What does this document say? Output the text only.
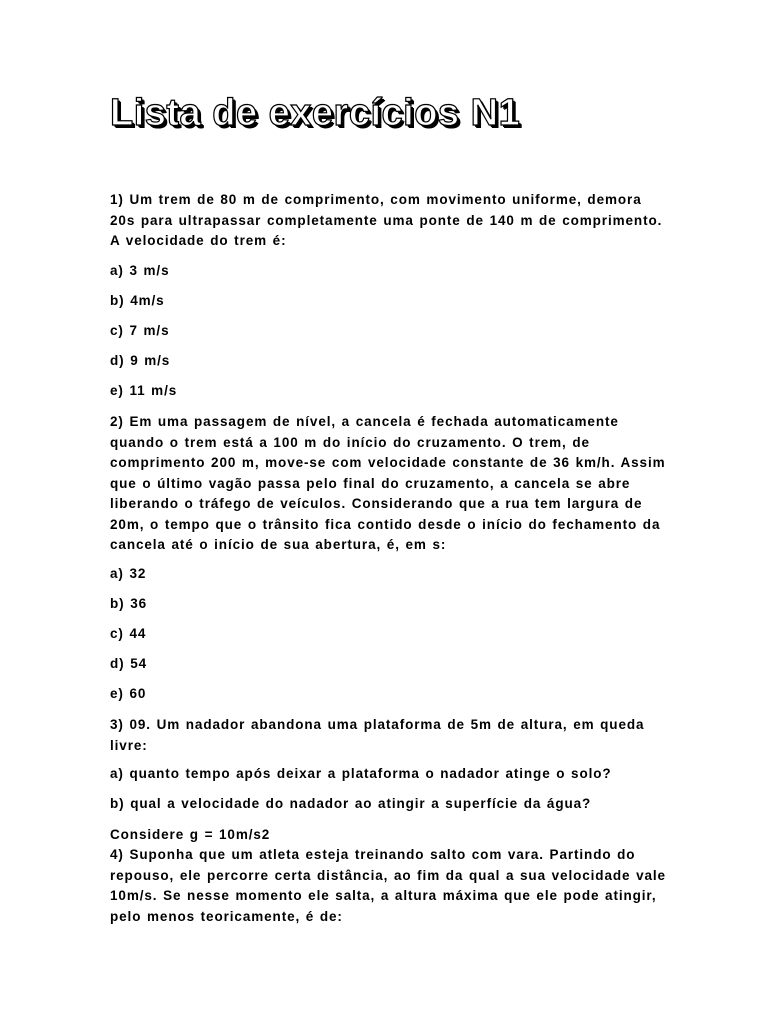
Lista de exercícios N1

1) Um trem de 80 m de comprimento, com movimento uniforme, demora 20s para ultrapassar completamente uma ponte de 140 m de comprimento. A velocidade do trem é:

a) 3 m/s
b) 4m/s
c) 7 m/s
d) 9 m/s
e) 11 m/s

2) Em uma passagem de nível, a cancela é fechada automaticamente quando o trem está a 100 m do início do cruzamento. O trem, de comprimento 200 m, move-se com velocidade constante de 36 km/h. Assim que o último vagão passa pelo final do cruzamento, a cancela se abre liberando o tráfego de veículos. Considerando que a rua tem largura de 20m, o tempo que o trânsito fica contido desde o início do fechamento da cancela até o início de sua abertura, é, em s:

a) 32
b) 36
c) 44
d) 54
e) 60

3) 09. Um nadador abandona uma plataforma de 5m de altura, em queda livre:

a) quanto tempo após deixar a plataforma o nadador atinge o solo?
b) qual a velocidade do nadador ao atingir a superfície da água?
Considere g = 10m/s2

4) Suponha que um atleta esteja treinando salto com vara. Partindo do repouso, ele percorre certa distância, ao fim da qual a sua velocidade vale 10m/s. Se nesse momento ele salta, a altura máxima que ele pode atingir, pelo menos teoricamente, é de:
